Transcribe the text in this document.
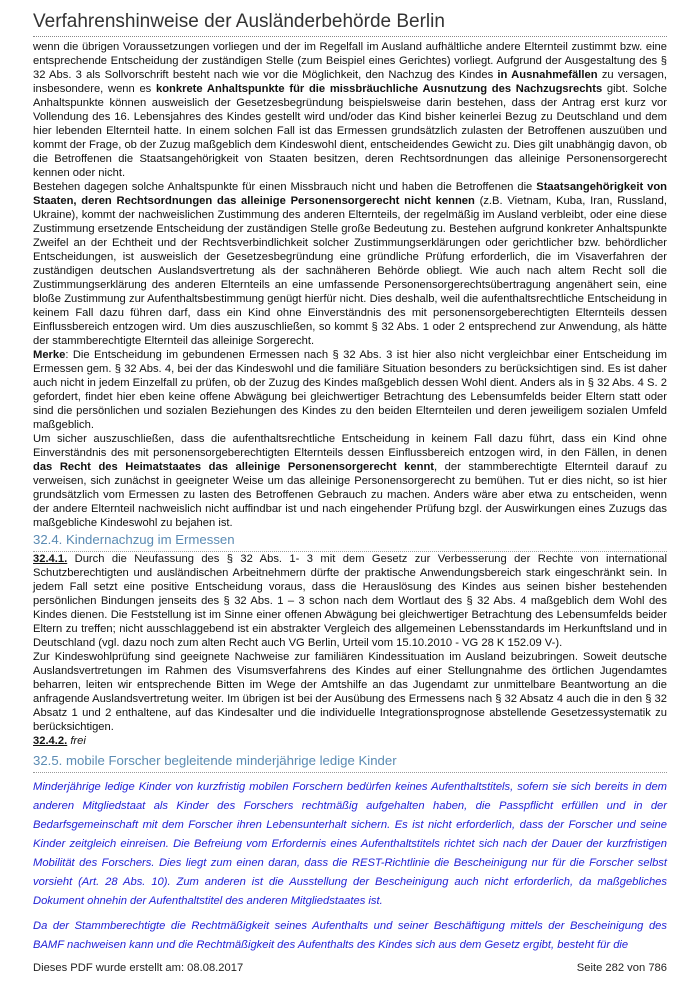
Verfahrenshinweise der Ausländerbehörde Berlin

wenn die übrigen Voraussetzungen vorliegen und der im Regelfall im Ausland aufhältliche andere Elternteil zustimmt bzw. eine entsprechende Entscheidung der zuständigen Stelle (zum Beispiel eines Gerichtes) vorliegt. Aufgrund der Ausgestaltung des § 32 Abs. 3 als Sollvorschrift besteht nach wie vor die Möglichkeit, den Nachzug des Kindes in Ausnahmefällen zu versagen, insbesondere, wenn es konkrete Anhaltspunkte für die missbräuchliche Ausnutzung des Nachzugsrechts gibt. Solche Anhaltspunkte können ausweislich der Gesetzesbegründung beispielsweise darin bestehen, dass der Antrag erst kurz vor Vollendung des 16. Lebensjahres des Kindes gestellt wird und/oder das Kind bisher keinerlei Bezug zu Deutschland und dem hier lebenden Elternteil hatte. In einem solchen Fall ist das Ermessen grundsätzlich zulasten der Betroffenen auszuüben und kommt der Frage, ob der Zuzug maßgeblich dem Kindeswohl dient, entscheidendes Gewicht zu. Dies gilt unabhängig davon, ob die Betroffenen die Staatsangehörigkeit von Staaten besitzen, deren Rechtsordnungen das alleinige Personensorgerecht kennen oder nicht.

Bestehen dagegen solche Anhaltspunkte für einen Missbrauch nicht und haben die Betroffenen die Staatsangehörigkeit von Staaten, deren Rechtsordnungen das alleinige Personensorgerecht nicht kennen (z.B. Vietnam, Kuba, Iran, Russland, Ukraine), kommt der nachweislichen Zustimmung des anderen Elternteils, der regelmäßig im Ausland verbleibt, oder eine diese Zustimmung ersetzende Entscheidung der zuständigen Stelle große Bedeutung zu. Bestehen aufgrund konkreter Anhaltspunkte Zweifel an der Echtheit und der Rechtsverbindlichkeit solcher Zustimmungserklärungen oder gerichtlicher bzw. behördlicher Entscheidungen, ist ausweislich der Gesetzesbegründung eine gründliche Prüfung erforderlich, die im Visaverfahren der zuständigen deutschen Auslandsvertretung als der sachnäheren Behörde obliegt. Wie auch nach altem Recht soll die Zustimmungserklärung des anderen Elternteils an eine umfassende Personensorgerechtsübertragung angenähert sein, eine bloße Zustimmung zur Aufenthaltsbestimmung genügt hierfür nicht. Dies deshalb, weil die aufenthaltsrechtliche Entscheidung in keinem Fall dazu führen darf, dass ein Kind ohne Einverständnis des mit personensorgeberechtigten Elternteils dessen Einflussbereich entzogen wird. Um dies auszuschließen, so kommt § 32 Abs. 1 oder 2 entsprechend zur Anwendung, als hätte der stammberechtigte Elternteil das alleinige Sorgerecht.

Merke: Die Entscheidung im gebundenen Ermessen nach § 32 Abs. 3 ist hier also nicht vergleichbar einer Entscheidung im Ermessen gem. § 32 Abs. 4, bei der das Kindeswohl und die familiäre Situation besonders zu berücksichtigen sind. Es ist daher auch nicht in jedem Einzelfall zu prüfen, ob der Zuzug des Kindes maßgeblich dessen Wohl dient. Anders als in § 32 Abs. 4 S. 2 gefordert, findet hier eben keine offene Abwägung bei gleichwertiger Betrachtung des Lebensumfelds beider Eltern statt oder sind die persönlichen und sozialen Beziehungen des Kindes zu den beiden Elternteilen und deren jeweiligem sozialen Umfeld maßgeblich.

Um sicher auszuschließen, dass die aufenthaltsrechtliche Entscheidung in keinem Fall dazu führt, dass ein Kind ohne Einverständnis des mit personensorgeberechtigten Elternteils dessen Einflussbereich entzogen wird, in den Fällen, in denen das Recht des Heimatstaates das alleinige Personensorgerecht kennt, der stammberechtigte Elternteil darauf zu verweisen, sich zunächst in geeigneter Weise um das alleinige Personensorgerecht zu bemühen. Tut er dies nicht, so ist hier grundsätzlich vom Ermessen zu lasten des Betroffenen Gebrauch zu machen. Anders wäre aber etwa zu entscheiden, wenn der andere Elternteil nachweislich nicht auffindbar ist und nach eingehender Prüfung bzgl. der Auswirkungen eines Zuzugs das maßgebliche Kindeswohl zu bejahen ist.

32.4. Kindernachzug im Ermessen

32.4.1. Durch die Neufassung des § 32 Abs. 1- 3 mit dem Gesetz zur Verbesserung der Rechte von international Schutzberechtigten und ausländischen Arbeitnehmern dürfte der praktische Anwendungsbereich stark eingeschränkt sein. In jedem Fall setzt eine positive Entscheidung voraus, dass die Herauslösung des Kindes aus seinen bisher bestehenden persönlichen Bindungen jenseits des § 32 Abs. 1 – 3 schon nach dem Wortlaut des § 32 Abs. 4 maßgeblich dem Wohl des Kindes dienen. Die Feststellung ist im Sinne einer offenen Abwägung bei gleichwertiger Betrachtung des Lebensumfelds beider Eltern zu treffen; nicht ausschlaggebend ist ein abstrakter Vergleich des allgemeinen Lebensstandards im Herkunftsland und in Deutschland (vgl. dazu noch zum alten Recht auch VG Berlin, Urteil vom 15.10.2010 - VG 28 K 152.09 V-).

Zur Kindeswohlprüfung sind geeignete Nachweise zur familiären Kindessituation im Ausland beizubringen. Soweit deutsche Auslandsvertretungen im Rahmen des Visumsverfahrens des Kindes auf einer Stellungnahme des örtlichen Jugendamtes beharren, leiten wir entsprechende Bitten im Wege der Amtshilfe an das Jugendamt zur unmittelbare Beantwortung an die anfragende Auslandsvertretung weiter. Im übrigen ist bei der Ausübung des Ermessens nach § 32 Absatz 4 auch die in den § 32 Absatz 1 und 2 enthaltene, auf das Kindesalter und die individuelle Integrationsprognose abstellende Gesetzessystematik zu berücksichtigen.

32.4.2. frei

32.5. mobile Forscher begleitende minderjährige ledige Kinder

Minderjährige ledige Kinder von kurzfristig mobilen Forschern bedürfen keines Aufenthaltstitels, sofern sie sich bereits in dem anderen Mitgliedstaat als Kinder des Forschers rechtmäßig aufgehalten haben, die Passpflicht erfüllen und in der Bedarfsgemeinschaft mit dem Forscher ihren Lebensunterhalt sichern. Es ist nicht erforderlich, dass der Forscher und seine Kinder zeitgleich einreisen. Die Befreiung vom Erfordernis eines Aufenthaltstitels richtet sich nach der Dauer der kurzfristigen Mobilität des Forschers. Dies liegt zum einen daran, dass die REST-Richtlinie die Bescheinigung nur für die Forscher selbst vorsieht (Art. 28 Abs. 10). Zum anderen ist die Ausstellung der Bescheinigung auch nicht erforderlich, da maßgebliches Dokument ohnehin der Aufenthaltstitel des anderen Mitgliedstaates ist.

Da der Stammberechtigte die Rechtmäßigkeit seines Aufenthalts und seiner Beschäftigung mittels der Bescheinigung des BAMF nachweisen kann und die Rechtmäßigkeit des Aufenthalts des Kindes sich aus dem Gesetz ergibt, besteht für die

Dieses PDF wurde erstellt am: 08.08.2017	Seite 282 von 786
